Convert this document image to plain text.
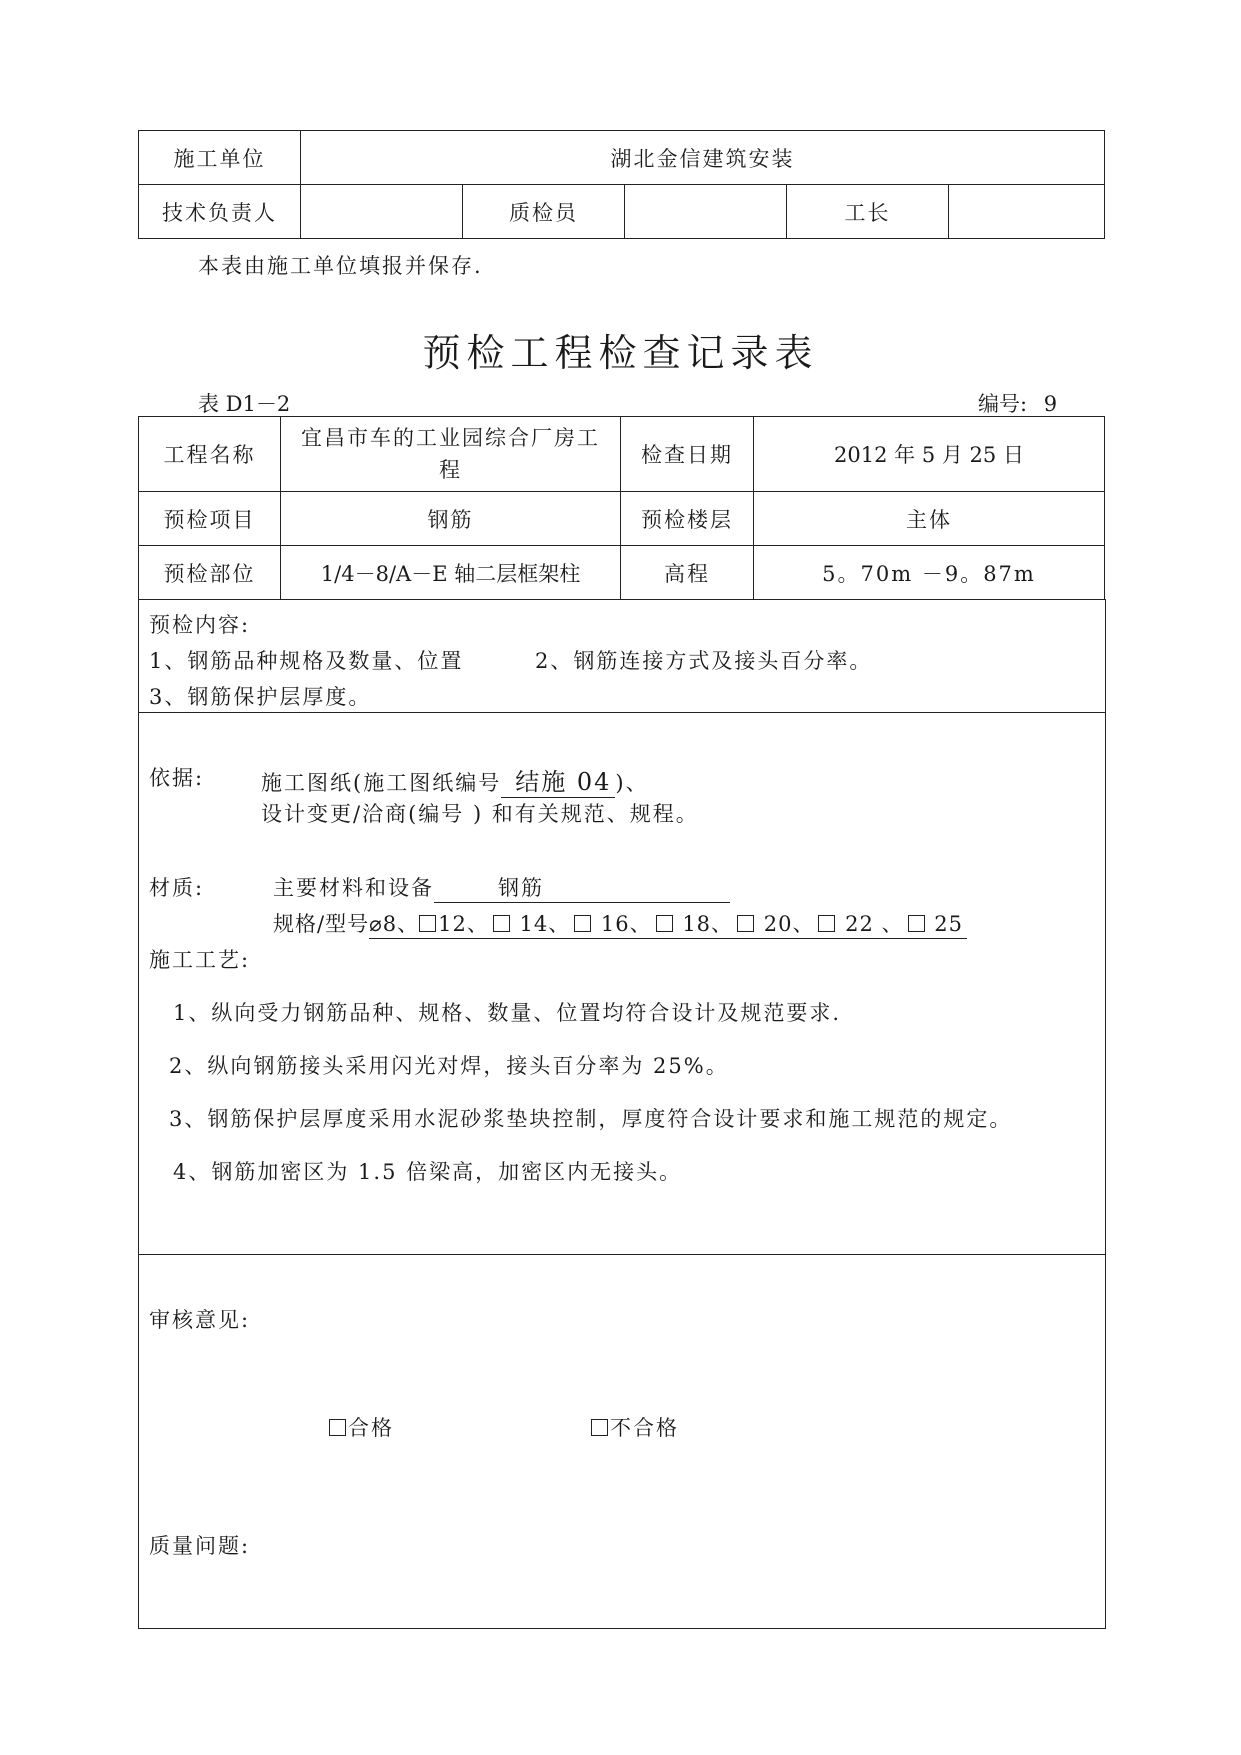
施工单位	湖北金信建筑安装				
技术负责人		质检员		工长	
本表由施工单位填报并保存.
预检工程检查记录表
表 D1－2	编号: 9
工程名称	宜昌市车的工业园综合厂房工程	检查日期	2012 年 5 月 25 日
预检项目	钢筋	预检楼层	主体
预检部位	1/4－8/A－E 轴二层框架柱	高程	5。70m －9。87m
预检内容:
1、钢筋品种规格及数量、位置	2、钢筋连接方式及接头百分率。
3、钢筋保护层厚度。
依据:	施工图纸(施工图纸编号 结施 04 )、
设计变更/洽商(编号 ) 和有关规范、规程。
材质:	主要材料和设备	钢筋
规格/型号⌀8、 12、 14、 16、 18、 20、 22 、 25
施工工艺:
1、纵向受力钢筋品种、规格、数量、位置均符合设计及规范要求.
2、纵向钢筋接头采用闪光对焊，接头百分率为 25%。
3、钢筋保护层厚度采用水泥砂浆垫块控制，厚度符合设计要求和施工规范的规定。
4、钢筋加密区为 1.5 倍梁高，加密区内无接头。
审核意见:
合格	不合格
质量问题:
